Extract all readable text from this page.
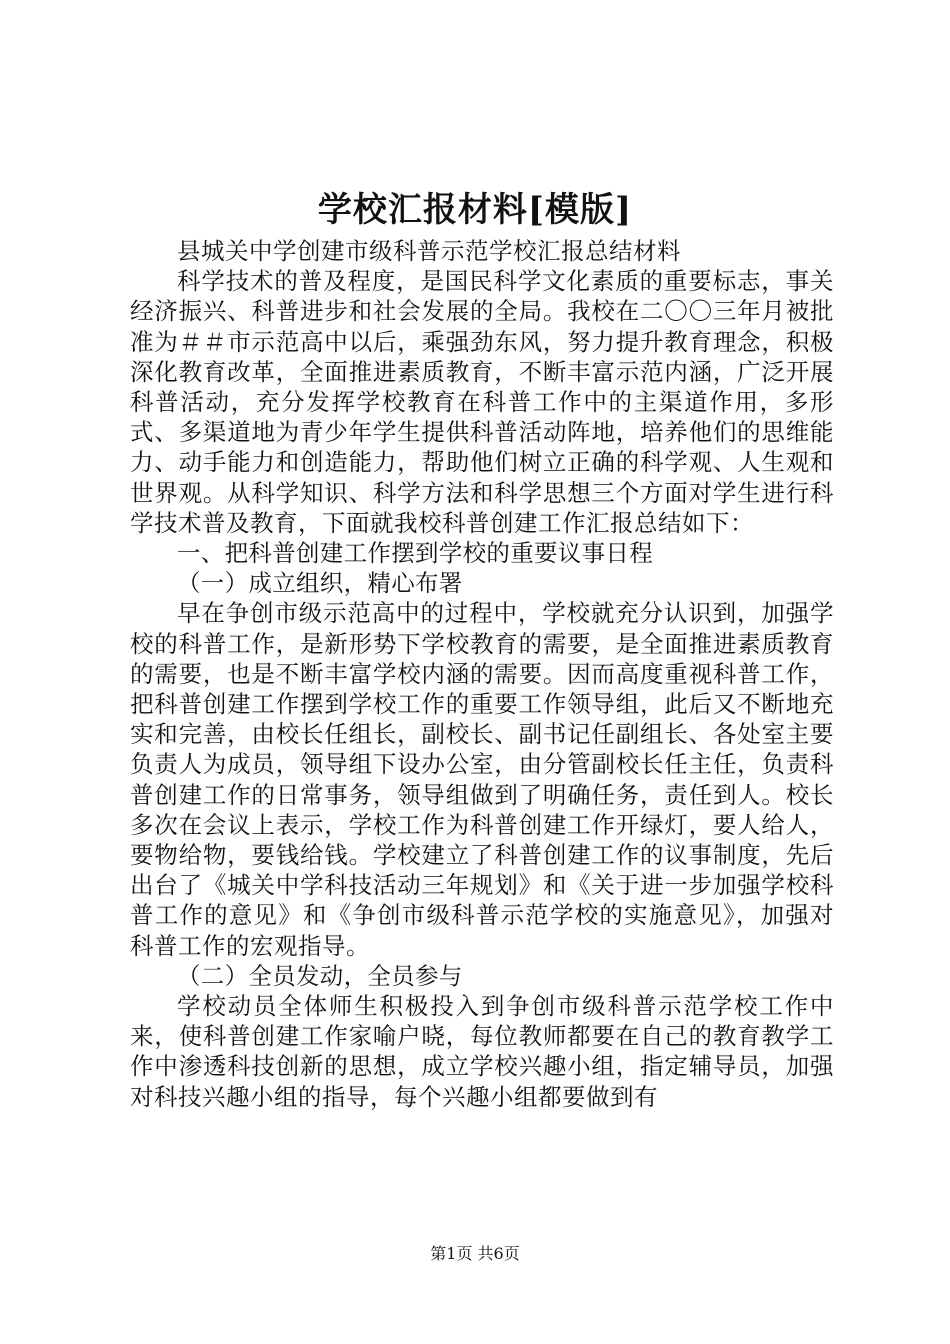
学校汇报材料[模版]

县城关中学创建市级科普示范学校汇报总结材料

科学技术的普及程度，是国民科学文化素质的重要标志，事关经济振兴、科普进步和社会发展的全局。我校在二〇〇三年月被批准为＃＃市示范高中以后，乘强劲东风，努力提升教育理念，积极深化教育改革，全面推进素质教育，不断丰富示范内涵，广泛开展科普活动，充分发挥学校教育在科普工作中的主渠道作用，多形式、多渠道地为青少年学生提供科普活动阵地，培养他们的思维能力、动手能力和创造能力，帮助他们树立正确的科学观、人生观和世界观。从科学知识、科学方法和科学思想三个方面对学生进行科学技术普及教育，下面就我校科普创建工作汇报总结如下：

一、把科普创建工作摆到学校的重要议事日程

（一）成立组织，精心布署

早在争创市级示范高中的过程中，学校就充分认识到，加强学校的科普工作，是新形势下学校教育的需要，是全面推进素质教育的需要，也是不断丰富学校内涵的需要。因而高度重视科普工作，把科普创建工作摆到学校工作的重要工作领导组，此后又不断地充实和完善，由校长任组长，副校长、副书记任副组长、各处室主要负责人为成员，领导组下设办公室，由分管副校长任主任，负责科普创建工作的日常事务，领导组做到了明确任务，责任到人。校长多次在会议上表示，学校工作为科普创建工作开绿灯，要人给人，要物给物，要钱给钱。学校建立了科普创建工作的议事制度，先后出台了《城关中学科技活动三年规划》和《关于进一步加强学校科普工作的意见》和《争创市级科普示范学校的实施意见》，加强对科普工作的宏观指导。

（二）全员发动，全员参与

学校动员全体师生积极投入到争创市级科普示范学校工作中来，使科普创建工作家喻户晓，每位教师都要在自己的教育教学工作中渗透科技创新的思想，成立学校兴趣小组，指定辅导员，加强对科技兴趣小组的指导，每个兴趣小组都要做到有

第1页 共6页
